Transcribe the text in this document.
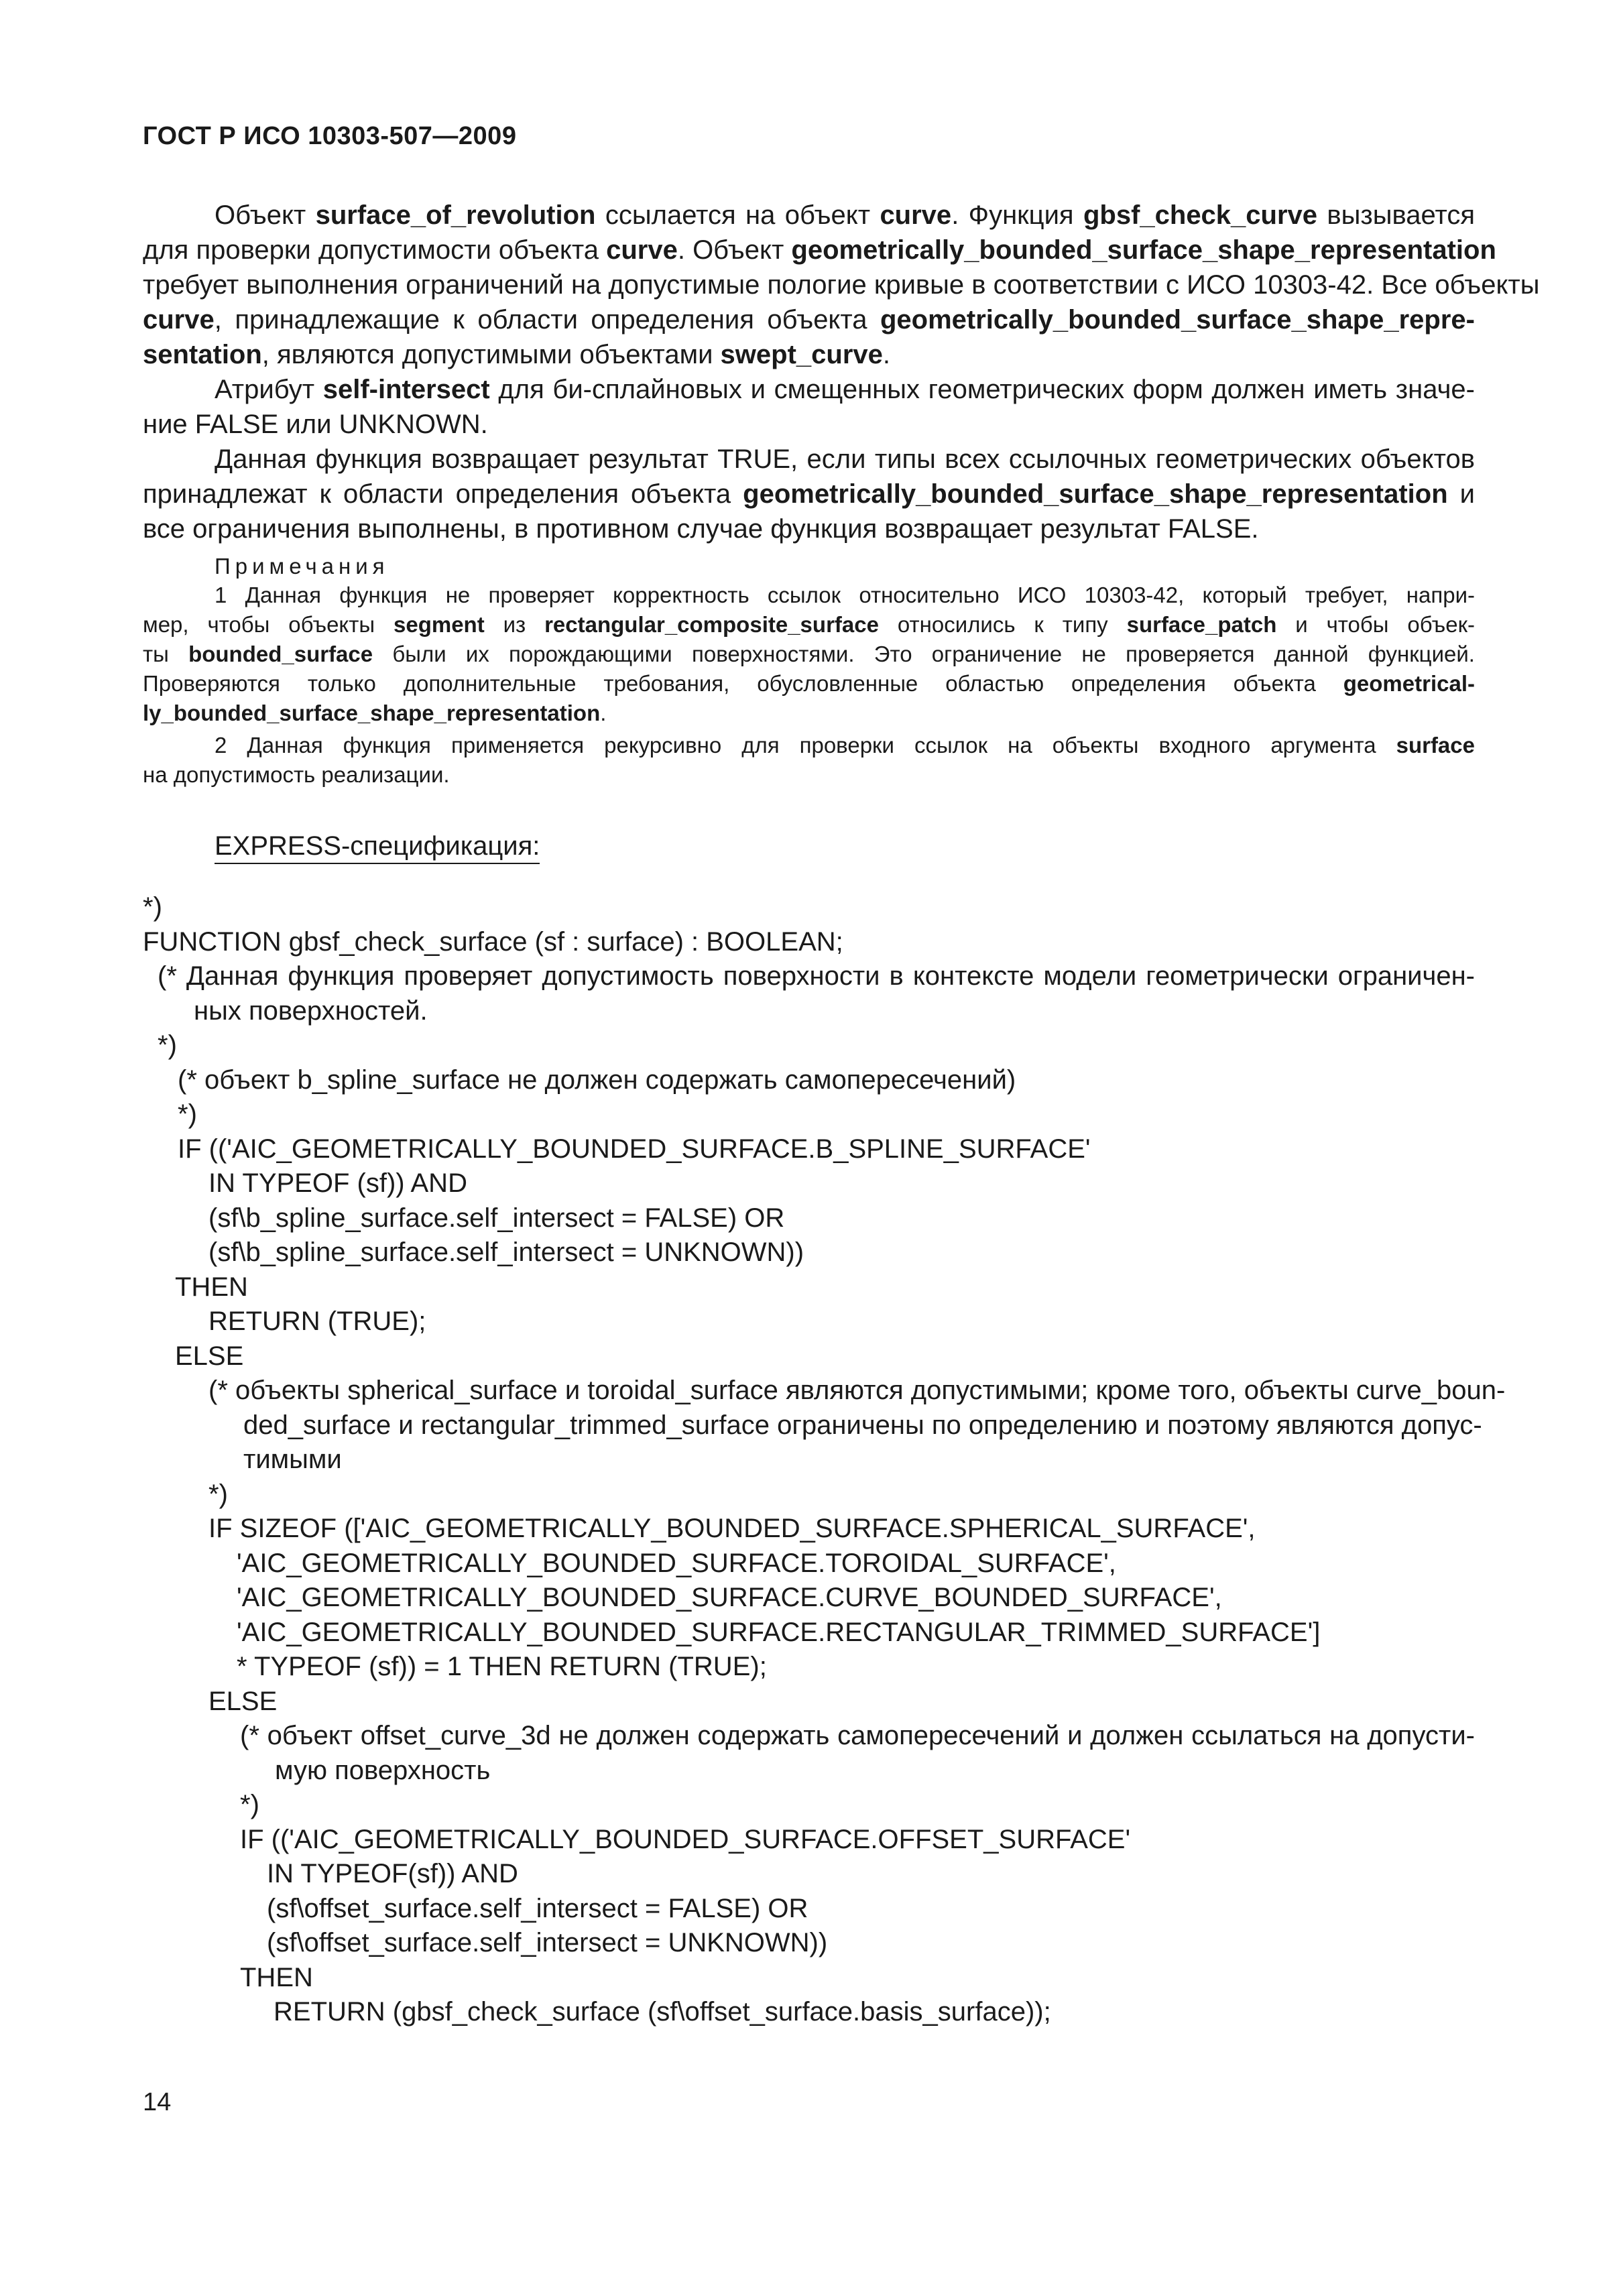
ГОСТ Р ИСО 10303-507—2009
Объект surface_of_revolution ссылается на объект curve. Функция gbsf_check_curve вызывается
для проверки допустимости объекта curve. Объект geometrically_bounded_surface_shape_representation
требует выполнения ограничений на допустимые пологие кривые в соответствии с ИСО 10303-42. Все объекты
curve, принадлежащие к области определения объекта geometrically_bounded_surface_shape_repre-
sentation, являются допустимыми объектами swept_curve.
Атрибут self-intersect для би-сплайновых и смещенных геометрических форм должен иметь значе-
ние FALSE или UNKNOWN.
Данная функция возвращает результат TRUE, если типы всех ссылочных геометрических объектов
принадлежат к области определения объекта geometrically_bounded_surface_shape_representation и
все ограничения выполнены, в противном случае функция возвращает результат FALSE.
Примечания
1 Данная функция не проверяет корректность ссылок относительно ИСО 10303-42, который требует, напри-
мер, чтобы объекты segment из rectangular_composite_surface относились к типу surface_patch и чтобы объек-
ты bounded_surface были их порождающими поверхностями. Это ограничение не проверяется данной функцией.
Проверяются только дополнительные требования, обусловленные областью определения объекта geometrical-
ly_bounded_surface_shape_representation.
2 Данная функция применяется рекурсивно для проверки ссылок на объекты входного аргумента surface
на допустимость реализации.
EXPRESS-спецификация:
*)
FUNCTION gbsf_check_surface (sf : surface) : BOOLEAN;
(* Данная функция проверяет допустимость поверхности в контексте модели геометрически ограничен-
ных поверхностей.
*)
(* объект b_spline_surface не должен содержать самопересечений)
*)
IF (('AIC_GEOMETRICALLY_BOUNDED_SURFACE.B_SPLINE_SURFACE'
IN TYPEOF (sf)) AND
(sf\b_spline_surface.self_intersect = FALSE) OR
(sf\b_spline_surface.self_intersect = UNKNOWN))
THEN
RETURN (TRUE);
ELSE
(* объекты spherical_surface и toroidal_surface являются допустимыми; кроме того, объекты curve_boun-
ded_surface и rectangular_trimmed_surface ограничены по определению и поэтому являются допус-
тимыми
*)
IF SIZEOF (['AIC_GEOMETRICALLY_BOUNDED_SURFACE.SPHERICAL_SURFACE',
'AIC_GEOMETRICALLY_BOUNDED_SURFACE.TOROIDAL_SURFACE',
'AIC_GEOMETRICALLY_BOUNDED_SURFACE.CURVE_BOUNDED_SURFACE',
'AIC_GEOMETRICALLY_BOUNDED_SURFACE.RECTANGULAR_TRIMMED_SURFACE']
* TYPEOF (sf)) = 1 THEN RETURN (TRUE);
ELSE
(* объект offset_curve_3d не должен содержать самопересечений и должен ссылаться на допусти-
мую поверхность
*)
IF (('AIC_GEOMETRICALLY_BOUNDED_SURFACE.OFFSET_SURFACE'
IN TYPEOF(sf)) AND
(sf\offset_surface.self_intersect = FALSE) OR
(sf\offset_surface.self_intersect = UNKNOWN))
THEN
RETURN (gbsf_check_surface (sf\offset_surface.basis_surface));
14
